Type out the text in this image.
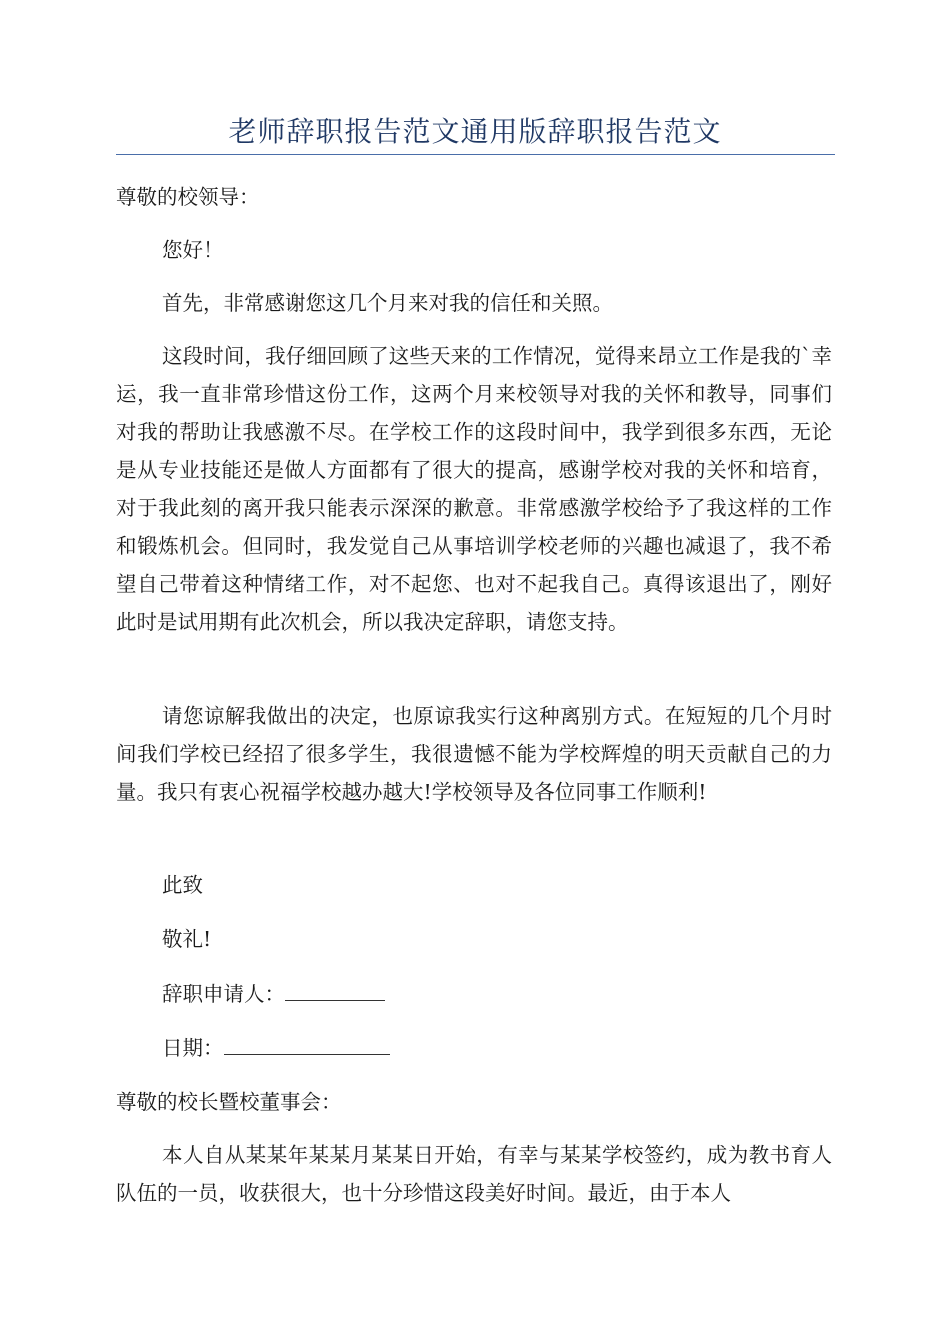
老师辞职报告范文通用版辞职报告范文

尊敬的校领导：

您好！

首先，非常感谢您这几个月来对我的信任和关照。

这段时间，我仔细回顾了这些天来的工作情况，觉得来昂立工作是我的`幸运，我一直非常珍惜这份工作，这两个月来校领导对我的关怀和教导，同事们对我的帮助让我感激不尽。在学校工作的这段时间中，我学到很多东西，无论是从专业技能还是做人方面都有了很大的提高，感谢学校对我的关怀和培育，对于我此刻的离开我只能表示深深的歉意。非常感激学校给予了我这样的工作和锻炼机会。但同时，我发觉自己从事培训学校老师的兴趣也减退了，我不希望自己带着这种情绪工作，对不起您、也对不起我自己。真得该退出了，刚好此时是试用期有此次机会，所以我决定辞职，请您支持。

请您谅解我做出的决定，也原谅我实行这种离别方式。在短短的几个月时间我们学校已经招了很多学生，我很遗憾不能为学校辉煌的明天贡献自己的力量。我只有衷心祝福学校越办越大!学校领导及各位同事工作顺利!

此致

敬礼!

辞职申请人：

日期：

尊敬的校长暨校董事会：

本人自从某某年某某月某某日开始，有幸与某某学校签约，成为教书育人队伍的一员，收获很大，也十分珍惜这段美好时间。最近，由于本人
